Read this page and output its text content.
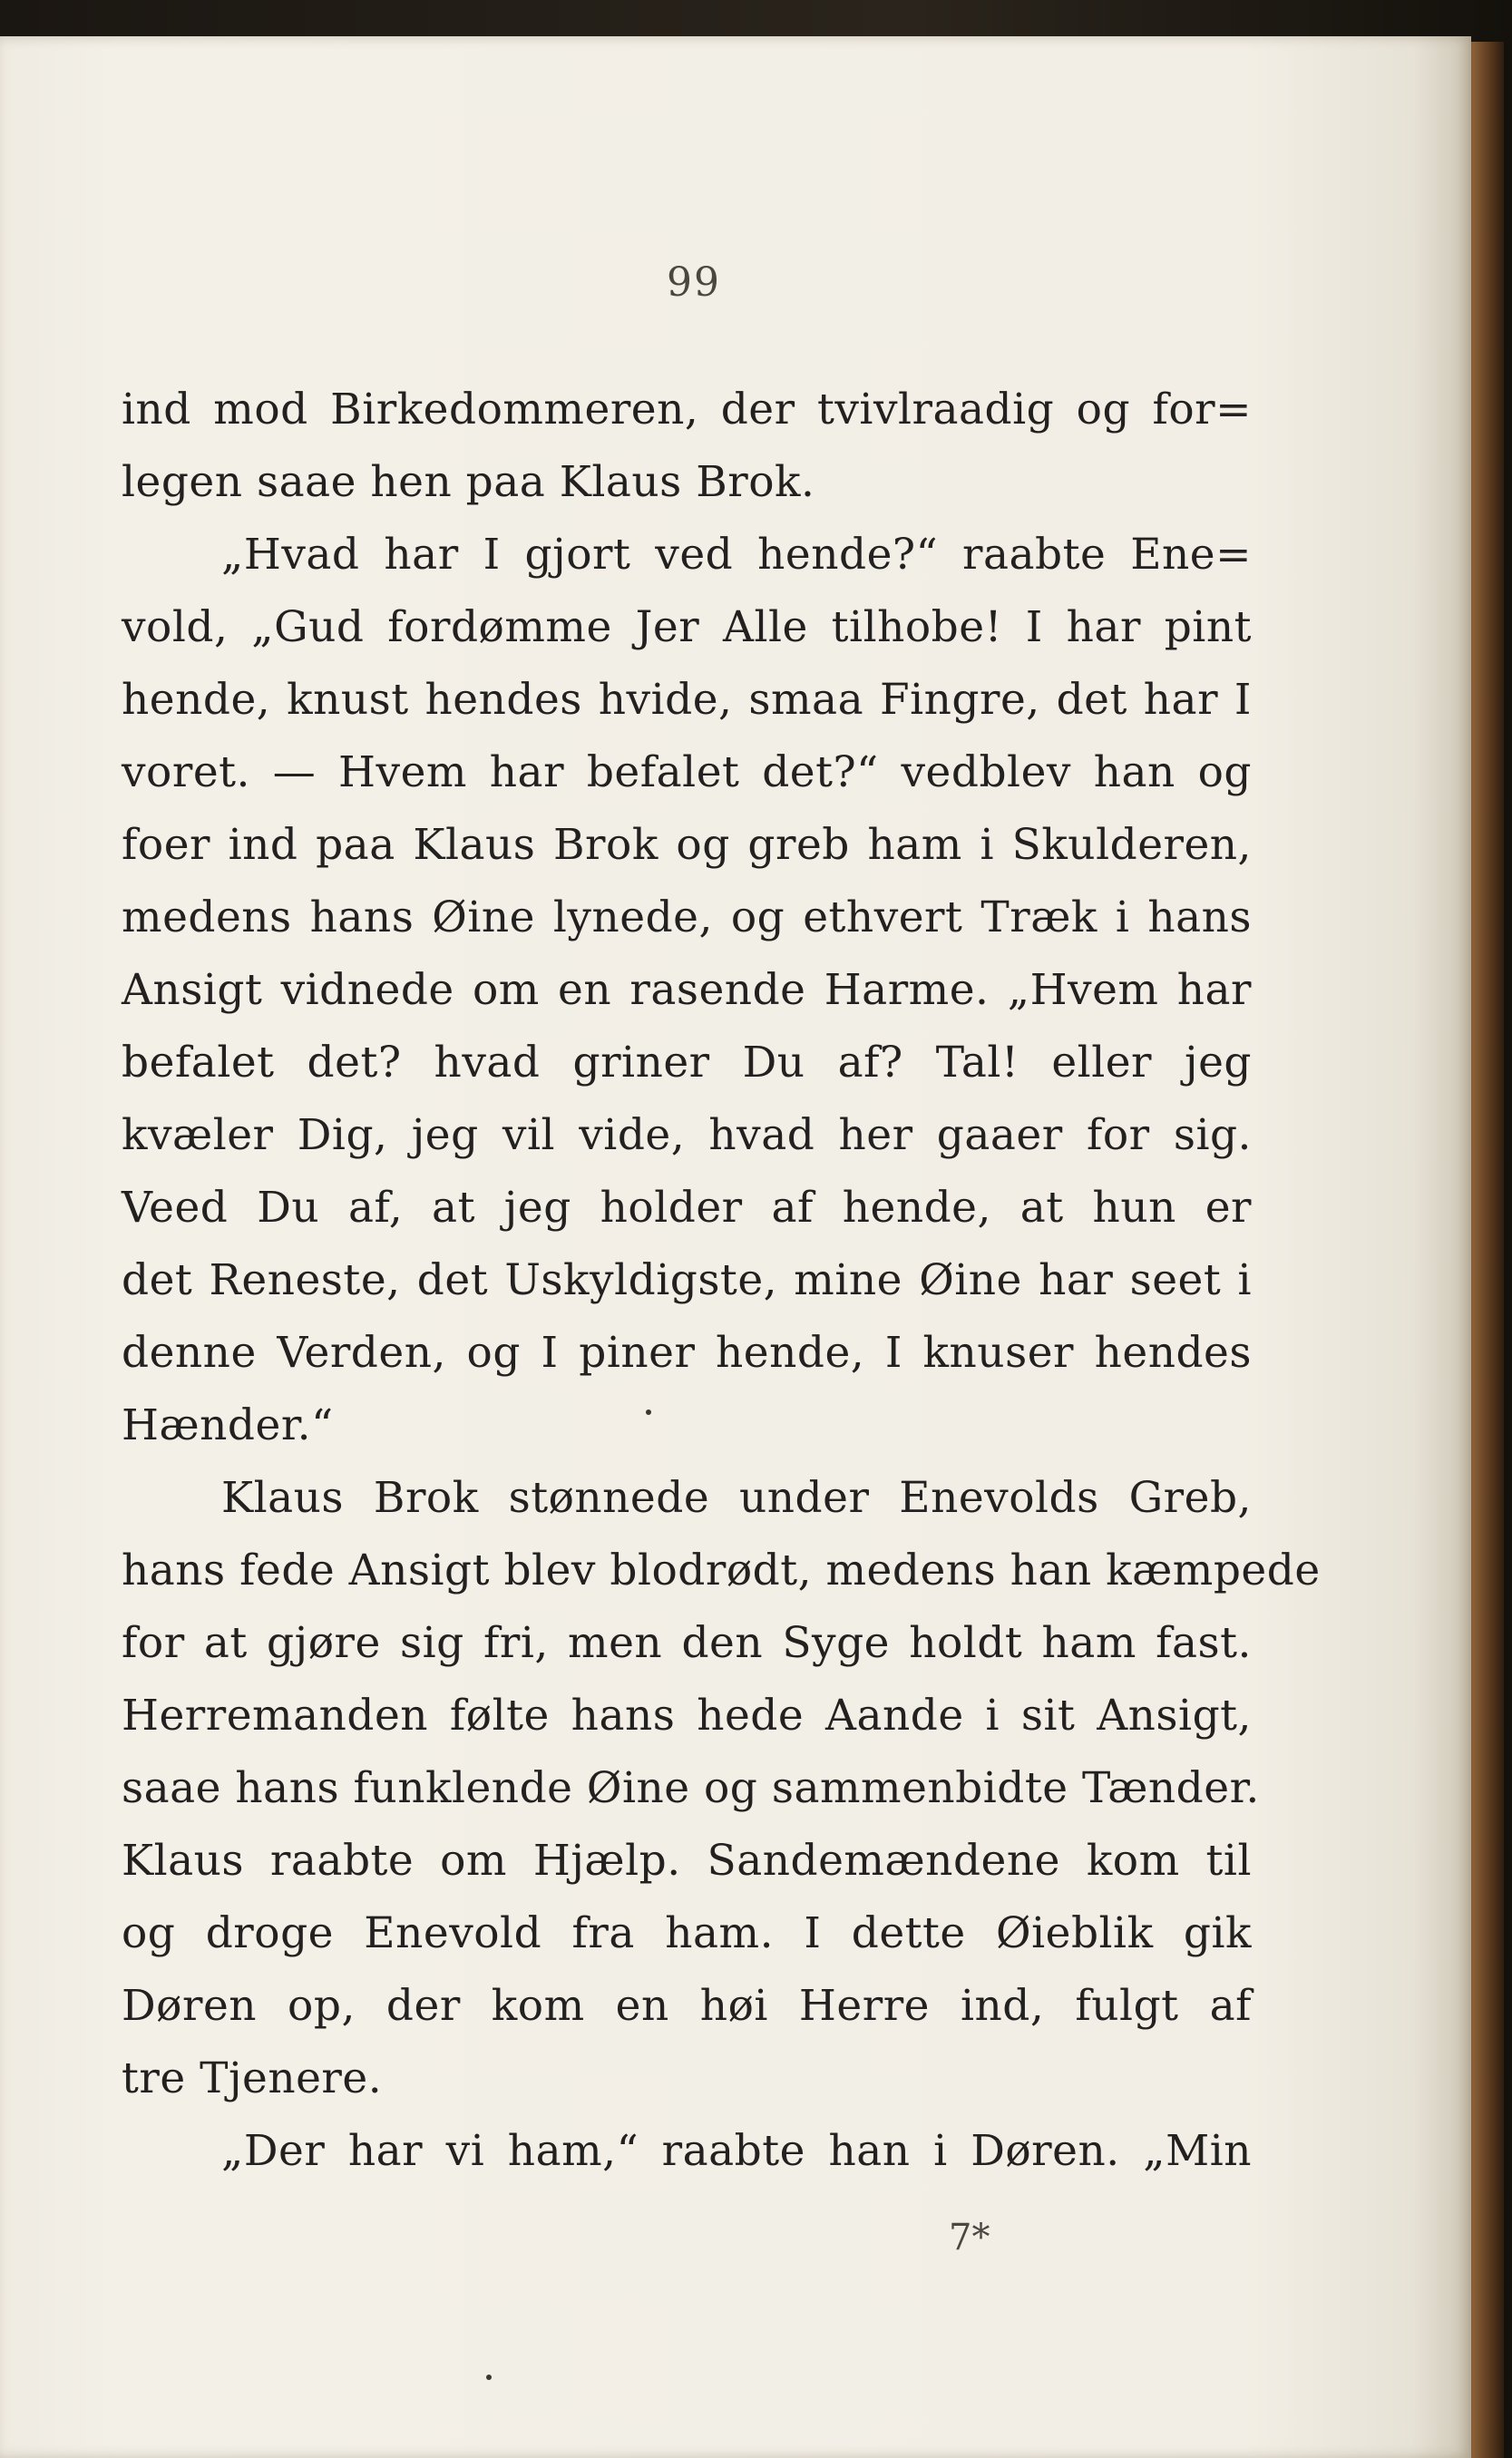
99
ind mod Birkedommeren, der tvivlraadig og for=
legen saae hen paa Klaus Brok.
„Hvad har I gjort ved hende?“ raabte Ene=
vold, „Gud fordømme Jer Alle tilhobe! I har pint
hende, knust hendes hvide, smaa Fingre, det har I
voret. — Hvem har befalet det?“ vedblev han og
foer ind paa Klaus Brok og greb ham i Skulderen,
medens hans Øine lynede, og ethvert Træk i hans
Ansigt vidnede om en rasende Harme. „Hvem har
befalet det? hvad griner Du af? Tal! eller jeg
kvæler Dig, jeg vil vide, hvad her gaaer for sig.
Veed Du af, at jeg holder af hende, at hun er
det Reneste, det Uskyldigste, mine Øine har seet i
denne Verden, og I piner hende, I knuser hendes
Hænder.“
Klaus Brok stønnede under Enevolds Greb,
hans fede Ansigt blev blodrødt, medens han kæmpede
for at gjøre sig fri, men den Syge holdt ham fast.
Herremanden følte hans hede Aande i sit Ansigt,
saae hans funklende Øine og sammenbidte Tænder.
Klaus raabte om Hjælp. Sandemændene kom til
og droge Enevold fra ham. I dette Øieblik gik
Døren op, der kom en høi Herre ind, fulgt af
tre Tjenere.
„Der har vi ham,“ raabte han i Døren. „Min
7*
